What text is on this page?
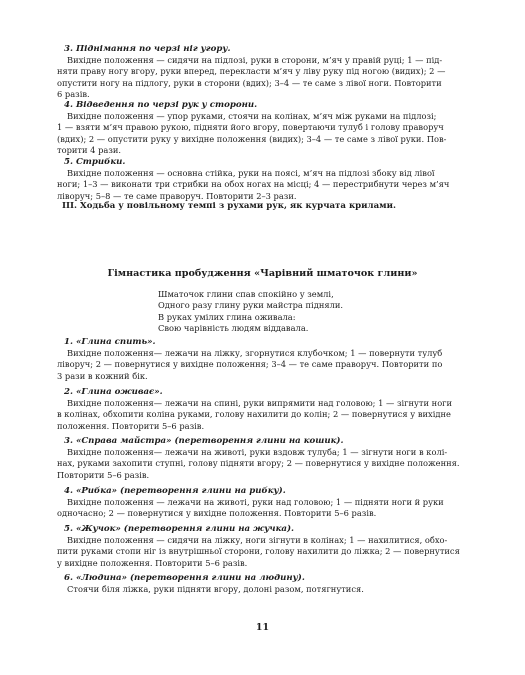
3. Піднімання по черзі ніг угору.

Вихідне положення — сидячи на підлозі, руки в сторони, м’яч у правій руці; 1 — під-
няти праву ногу вгору, руки вперед, перекласти м’яч у ліву руку під ногою (видих); 2 —
опустити ногу на підлогу, руки в сторони (вдих); 3–4 — те саме з лівої ноги. Повторити
6 разів.

4. Відведення по черзі рук у сторони.

Вихідне положення — упор руками, стоячи на колінах, м’яч між руками на підлозі;
1 — взяти м’яч правою рукою, підняти його вгору, повертаючи тулуб і голову праворуч
(вдих); 2 — опустити руку у вихідне положення (видих); 3–4 — те саме з лівої руки. Пов-
торити 4 рази.

5. Стрибки.

Вихідне положення — основна стійка, руки на поясі, м’яч на підлозі збоку від лівої
ноги; 1–3 — виконати три стрибки на обох ногах на місці; 4 — перестрибнути через м’яч
ліворуч; 5–8 — те саме праворуч. Повторити 2–3 рази.

III. Ходьба у повільному темпі з рухами рук, як курчата крилами.

Гімнастика пробудження «Чарівний шматочок глини»
Шматочок глини спав спокійно у землі,
Одного разу глину руки майстра підняли.
В руках умілих глина оживала:
Свою чарівність людям віддавала.

1. «Глина спить».

Вихідне положення— лежачи на ліжку, згорнутися клубочком; 1 — повернути тулуб
ліворуч; 2 — повернутися у вихідне положення; 3–4 — те саме праворуч. Повторити по
3 рази в кожний бік.

2. «Глина оживає».

Вихідне положення— лежачи на спині, руки випрямити над головою; 1 — зігнути ноги
в колінах, обхопити коліна руками, голову нахилити до колін; 2 — повернутися у вихідне
положення. Повторити 5–6 разів.

3. «Справа майстра» (перетворення глини на кошик).

Вихідне положення— лежачи на животі, руки вздовж тулуба; 1 — зігнути ноги в колі-
нах, руками захопити ступні, голову підняти вгору; 2 — повернутися у вихідне положення.
Повторити 5–6 разів.

4. «Рибка» (перетворення глини на рибку).

Вихідне положення — лежачи на животі, руки над головою; 1 — підняти ноги й руки
одночасно; 2 — повернутися у вихідне положення. Повторити 5–6 разів.

5. «Жучок» (перетворення глини на жучка).

Вихідне положення — сидячи на ліжку, ноги зігнути в колінах; 1 — нахилитися, обхо-
пити руками стопи ніг із внутрішньої сторони, голову нахилити до ліжка; 2 — повернутися
у вихідне положення. Повторити 5–6 разів.

6. «Людина» (перетворення глини на людину).

Стоячи біля ліжка, руки підняти вгору, долоні разом, потягнутися.

11
